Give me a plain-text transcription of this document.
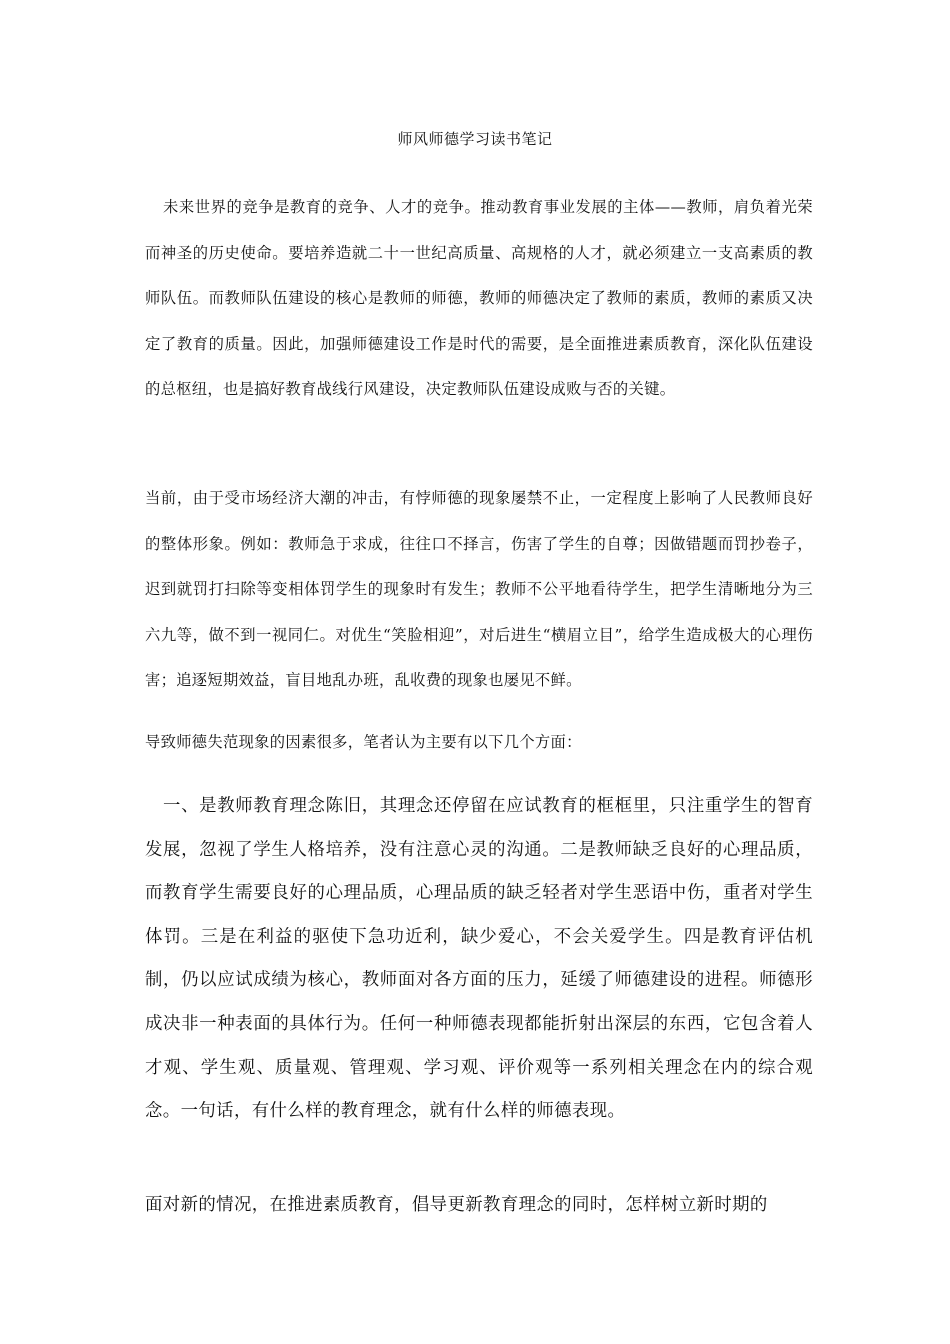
师风师德学习读书笔记

未来世界的竞争是教育的竞争、人才的竞争。推动教育事业发展的主体——教师，肩负着光荣而神圣的历史使命。要培养造就二十一世纪高质量、高规格的人才，就必须建立一支高素质的教师队伍。而教师队伍建设的核心是教师的师德，教师的师德决定了教师的素质，教师的素质又决定了教育的质量。因此，加强师德建设工作是时代的需要，是全面推进素质教育，深化队伍建设的总枢纽，也是搞好教育战线行风建设，决定教师队伍建设成败与否的关键。

当前，由于受市场经济大潮的冲击，有悖师德的现象屡禁不止，一定程度上影响了人民教师良好的整体形象。例如：教师急于求成，往往口不择言，伤害了学生的自尊；因做错题而罚抄卷子，迟到就罚打扫除等变相体罚学生的现象时有发生；教师不公平地看待学生，把学生清晰地分为三六九等，做不到一视同仁。对优生“笑脸相迎”，对后进生“横眉立目”，给学生造成极大的心理伤害；追逐短期效益，盲目地乱办班，乱收费的现象也屡见不鲜。

导致师德失范现象的因素很多，笔者认为主要有以下几个方面：

一、是教师教育理念陈旧，其理念还停留在应试教育的框框里，只注重学生的智育发展，忽视了学生人格培养，没有注意心灵的沟通。二是教师缺乏良好的心理品质，而教育学生需要良好的心理品质，心理品质的缺乏轻者对学生恶语中伤，重者对学生体罚。三是在利益的驱使下急功近利，缺少爱心，不会关爱学生。四是教育评估机制，仍以应试成绩为核心，教师面对各方面的压力，延缓了师德建设的进程。师德形成决非一种表面的具体行为。任何一种师德表现都能折射出深层的东西，它包含着人才观、学生观、质量观、管理观、学习观、评价观等一系列相关理念在内的综合观念。一句话，有什么样的教育理念，就有什么样的师德表现。

面对新的情况，在推进素质教育，倡导更新教育理念的同时，怎样树立新时期的
